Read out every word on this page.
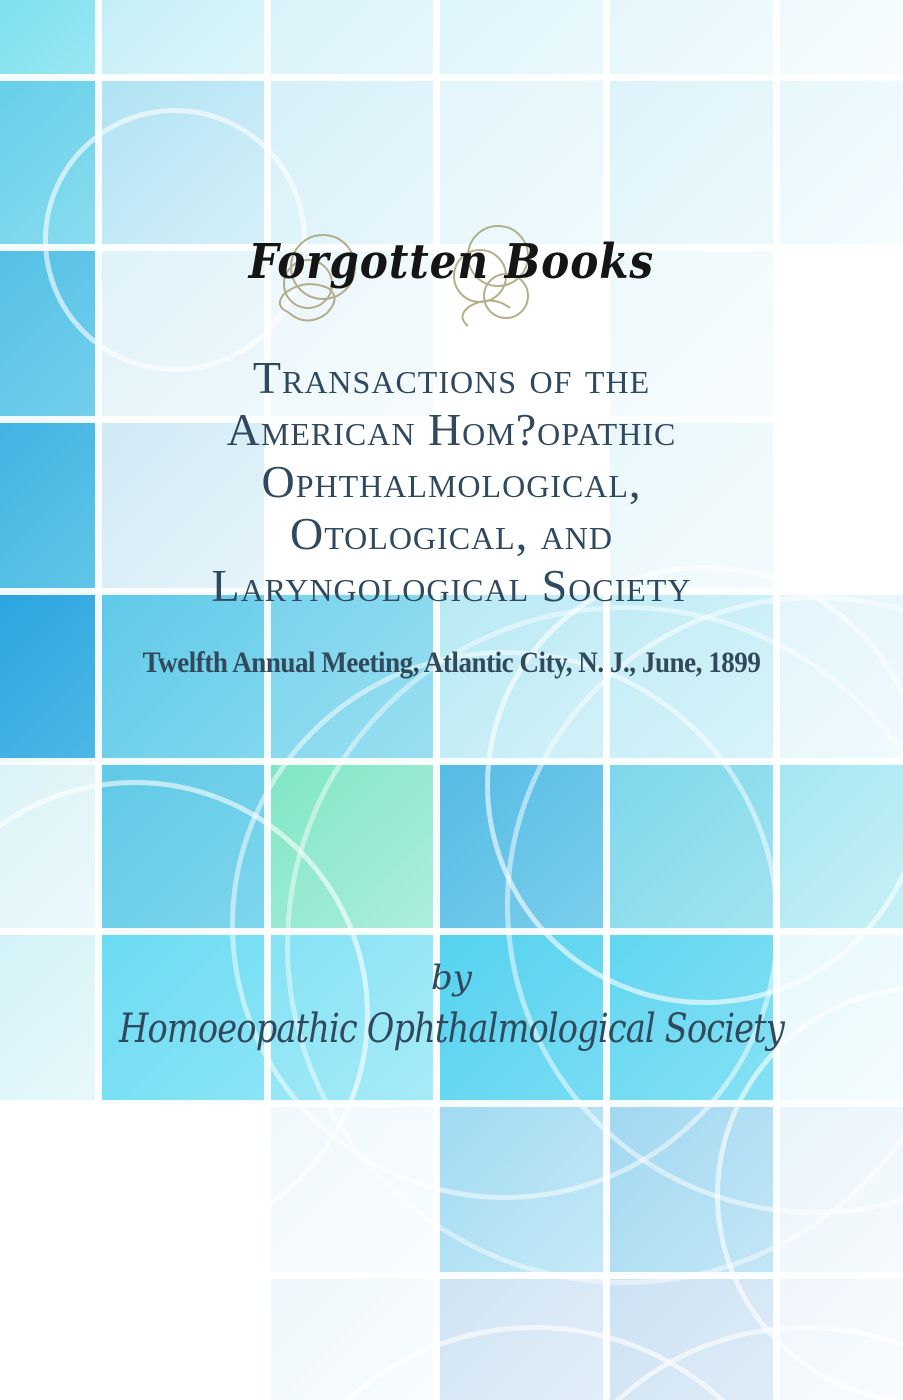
Forgotten Books
Transactions of the
American Hom?opathic
Ophthalmological,
Otological, and
Laryngological Society
Twelfth Annual Meeting, Atlantic City, N. J., June, 1899
by
Homoeopathic Ophthalmological Society
